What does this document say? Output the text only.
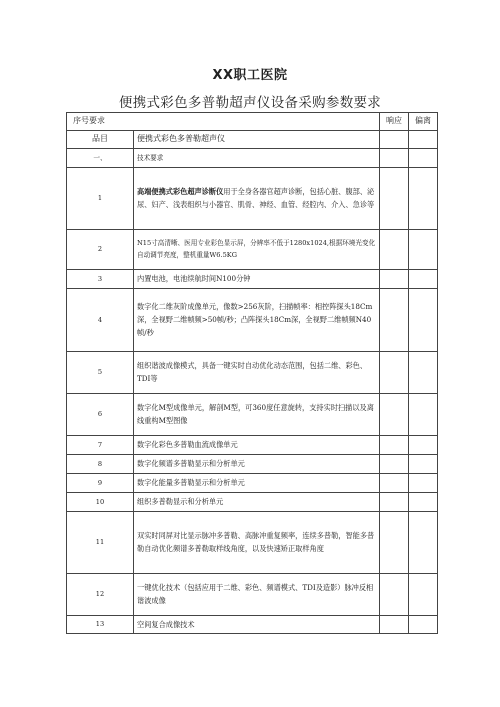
XX职工医院
便携式彩色多普勒超声仪设备采购参数要求
序号要求		响应	偏离
品目	便携式彩色多普勒超声仪		
一、	技术要求		
1	高端便携式彩色超声诊断仪用于全身各器官超声诊断，包括心脏、腹部、泌尿、妇产、浅表组织与小器官、肌骨、神经、血管、经腔内、介入、急诊等		
2	N15寸高清晰、医用专业彩色显示屏，分辨率不低于1280x1024,根据环境光变化自动调节亮度，整机重量W6.5KG		
3	内置电池，电池续航时间N100分钟		
4	数字化二维灰阶成像单元，像数>256灰阶，扫描帧率：相控阵探头18Cm深，全视野二维帧频>50帧/秒；凸阵探头18Cm深，全视野二维帧频N40帧/秒		
5	组织谐波成像模式，具备一键实时自动优化动态范围，包括二维、彩色、TDI等		
6	数字化M型成像单元，解剖M型，可360度任意旋转，支持实时扫描以及离线重构M型图像		
7	数字化彩色多普勒血流成像单元		
8	数字化频谱多普勒显示和分析单元		
9	数字化能量多普勒显示和分析单元		
10	组织多普勒显示和分析单元		
11	双实时同屏对比显示脉冲多普勒、高脉冲重复频率，连续多普勒，智能多普勒自动优化频谱多普勒取样线角度，以及快速矫正取样角度		
12	一键优化技术（包括应用于二维、彩色、频谱模式、TDI及造影）脉冲反相谐波成像		
13	空间复合成像技术		
